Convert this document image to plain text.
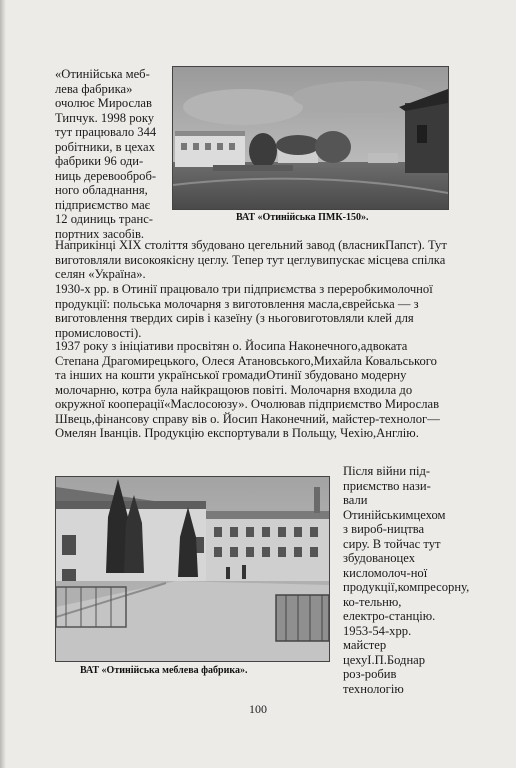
«Отинійська меб-
лева фабрика»
очолює Мирослав
Типчук. 1998 року
тут працювало 344
робітники, в цехах
фабрики 96 оди-
ниць деревооброб-
ного обладнання,
підприємство має
12 одиниць транс-
портних засобів.
ВАТ «Отинійська ПМК-150».
Наприкінці ХІХ століття збудовано цегельний завод (власникПапст). Тут виготовляли високоякісну цеглу. Тепер тут цеглувипускає місцева спілка селян «Україна».
1930-х рр. в Отинії працювало три підприємства з переробкимолочної продукції: польська молочарня з виготовлення масла,єврейська — з виготовлення твердих сирів і казеїну (з ньоговиготовляли клей для промисловості).
1937 року з ініціативи просвітян о. Йосипа Наконечного,адвоката Степана Драгомирецького, Олеся Атановського,Михайла Ковальського та інших на кошти української громадиОтинії збудовано модерну молочарню, котра була найкращоюв повіті. Молочарня входила до окружної кооперації«Маслосоюзу». Очолював підприємство Мирослав Швець,фінансову справу вів о. Йосип Наконечний, майстер-технолог— Омелян Іванців. Продукцію експортували в Польщу, Чехію,Англію.
ВАТ «Отинійська меблева фабрика».
Після війни під-приємство нази-вали Отинійськимцехом з вироб-ництва сиру. В тойчас тут збудованоцех кисломолоч-ної продукції,компресорну, ко-тельню, електро-станцію. 1953-54-хрр. майстер цехуІ.П.Боднар роз-робив технологію
100
